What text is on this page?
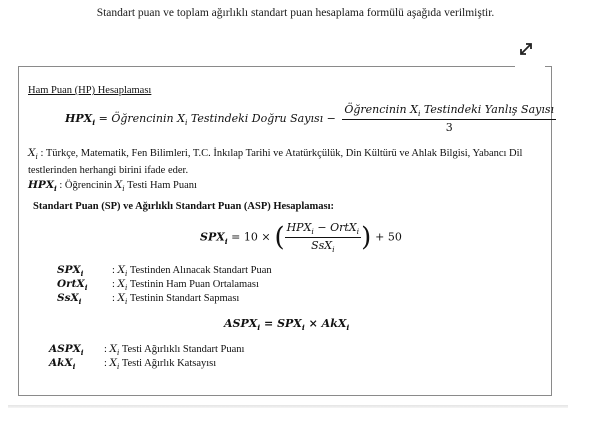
Standart puan ve toplam ağırlıklı standart puan hesaplama formülü aşağıda verilmiştir.
Ham Puan (HP) Hesaplaması
$HPX_i$ = Öğrencinin $X_i$ Testindeki Doğru Sayısı − $\frac{Öğrencinin X_i Testindeki Yanlış Sayısı}{3}$
$X_i$ : Türkçe, Matematik, Fen Bilimleri, T.C. İnkılap Tarihi ve Atatürkçülük, Din Kültürü ve Ahlak Bilgisi, Yabancı Dil testlerinden herhangi birini ifade eder.
$HPX_i$ : Öğrencinin $X_i$ Testi Ham Puanı
Standart Puan (SP) ve Ağırlıklı Standart Puan (ASP) Hesaplaması:
$SPX_i = 10$ × ( $\frac{HPX_i - OrtX_i}{SsX_i}$ ) + 50
$SPX_i$	: $X_i$ Testinden Alınacak Standart Puan
OrtX$_i$ : $X_i$ Testinin Ham Puan Ortalaması
SsX$_i$	: $X_i$ Testinin Standart Sapması
$ASPX_i = SPX_i \times AkX_i$
$ASPX_i$ : $X_i$ Testi Ağırlıklı Standart Puanı
AkX$_i$	: $X_i$ Testi Ağırlık Katsayısı
